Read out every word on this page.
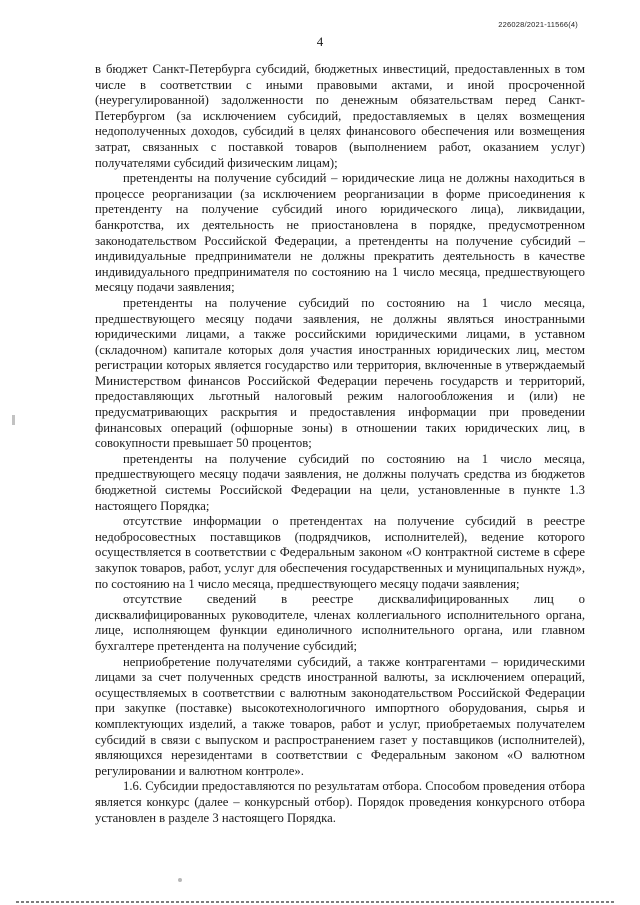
226028/2021-11566(4)
4

в бюджет Санкт-Петербурга субсидий, бюджетных инвестиций, предоставленных в том числе в соответствии с иными правовыми актами, и иной просроченной (неурегулированной) задолженности по денежным обязательствам перед Санкт-Петербургом (за исключением субсидий, предоставляемых в целях возмещения недополученных доходов, субсидий в целях финансового обеспечения или возмещения затрат, связанных с поставкой товаров (выполнением работ, оказанием услуг) получателями субсидий физическим лицам);

претенденты на получение субсидий – юридические лица не должны находиться в процессе реорганизации (за исключением реорганизации в форме присоединения к претенденту на получение субсидий иного юридического лица), ликвидации, банкротства, их деятельность не приостановлена в порядке, предусмотренном законодательством Российской Федерации, а претенденты на получение субсидий – индивидуальные предприниматели не должны прекратить деятельность в качестве индивидуального предпринимателя по состоянию на 1 число месяца, предшествующего месяцу подачи заявления;

претенденты на получение субсидий по состоянию на 1 число месяца, предшествующего месяцу подачи заявления, не должны являться иностранными юридическими лицами, а также российскими юридическими лицами, в уставном (складочном) капитале которых доля участия иностранных юридических лиц, местом регистрации которых является государство или территория, включенные в утверждаемый Министерством финансов Российской Федерации перечень государств и территорий, предоставляющих льготный налоговый режим налогообложения и (или) не предусматривающих раскрытия и предоставления информации при проведении финансовых операций (офшорные зоны) в отношении таких юридических лиц, в совокупности превышает 50 процентов;

претенденты на получение субсидий по состоянию на 1 число месяца, предшествующего месяцу подачи заявления, не должны получать средства из бюджетов бюджетной системы Российской Федерации на цели, установленные в пункте 1.3 настоящего Порядка;

отсутствие информации о претендентах на получение субсидий в реестре недобросовестных поставщиков (подрядчиков, исполнителей), ведение которого осуществляется в соответствии с Федеральным законом «О контрактной системе в сфере закупок товаров, работ, услуг для обеспечения государственных и муниципальных нужд», по состоянию на 1 число месяца, предшествующего месяцу подачи заявления;

отсутствие сведений в реестре дисквалифицированных лиц о дисквалифицированных руководителе, членах коллегиального исполнительного органа, лице, исполняющем функции единоличного исполнительного органа, или главном бухгалтере претендента на получение субсидий;

неприобретение получателями субсидий, а также контрагентами – юридическими лицами за счет полученных средств иностранной валюты, за исключением операций, осуществляемых в соответствии с валютным законодательством Российской Федерации при закупке (поставке) высокотехнологичного импортного оборудования, сырья и комплектующих изделий, а также товаров, работ и услуг, приобретаемых получателем субсидий в связи с выпуском и распространением газет у поставщиков (исполнителей), являющихся нерезидентами в соответствии с Федеральным законом «О валютном регулировании и валютном контроле».

1.6. Субсидии предоставляются по результатам отбора. Способом проведения отбора является конкурс (далее – конкурсный отбор). Порядок проведения конкурсного отбора установлен в разделе 3 настоящего Порядка.
